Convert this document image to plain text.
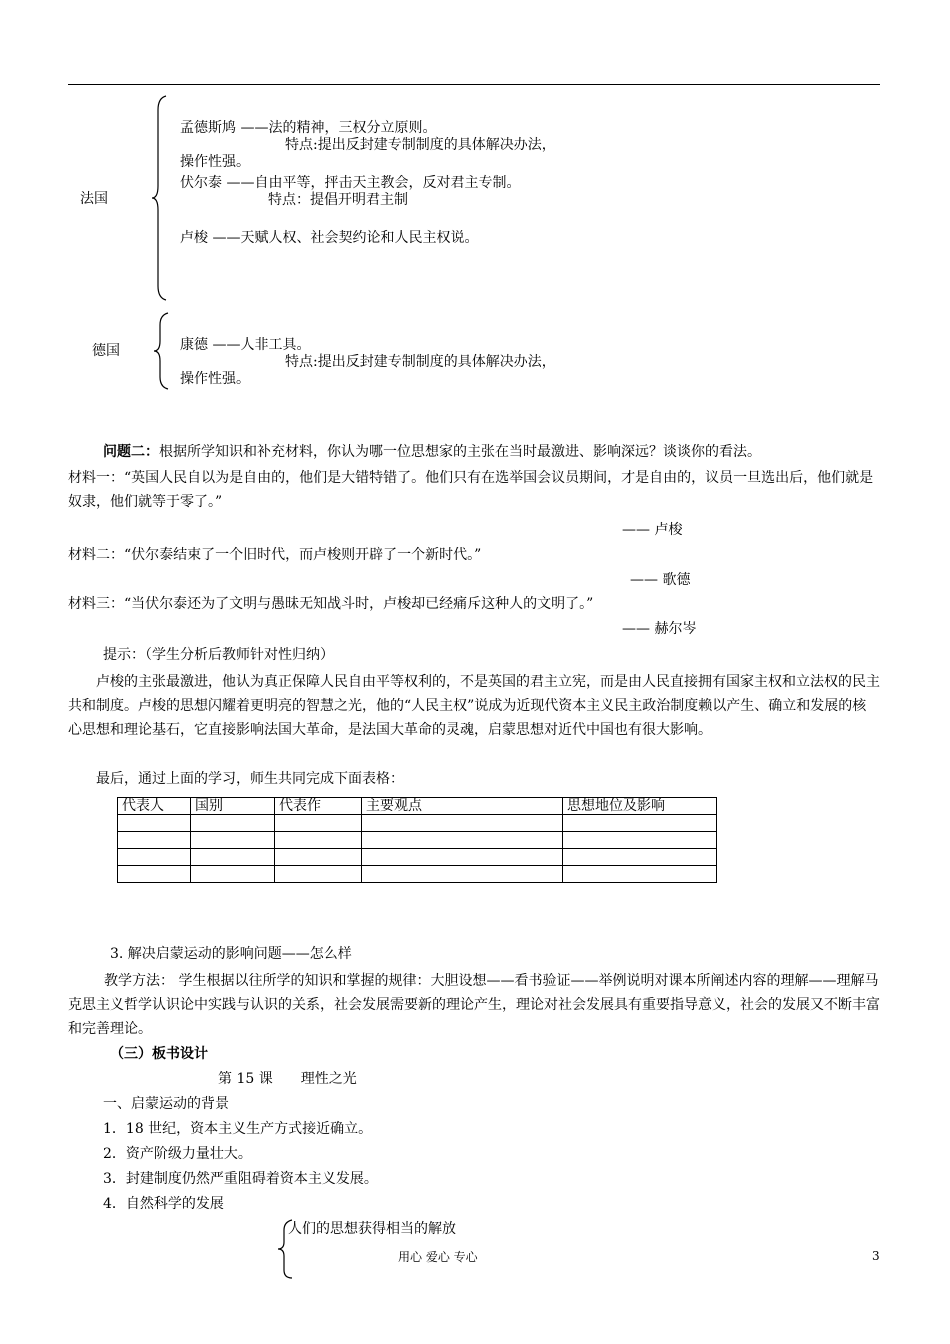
法国
孟德斯鸠 ——法的精神，三权分立原则。
特点:提出反封建专制制度的具体解决办法，
操作性强。
伏尔泰 ——自由平等，抨击天主教会，反对君主专制。
特点：提倡开明君主制
卢梭 ——天赋人权、社会契约论和人民主权说。
德国	康德 ——人非工具。
特点:提出反封建专制制度的具体解决办法，
操作性强。
问题二：根据所学知识和补充材料，你认为哪一位思想家的主张在当时最激进、影响深远？谈谈你的看法。
材料一：“英国人民自以为是自由的，他们是大错特错了。他们只有在选举国会议员期间，才是自由的，议员一旦选出后，他们就是奴隶，他们就等于零了。”
—— 卢梭
材料二：“伏尔泰结束了一个旧时代，而卢梭则开辟了一个新时代。”
—— 歌德
材料三：“当伏尔泰还为了文明与愚昧无知战斗时，卢梭却已经痛斥这种人的文明了。”
—— 赫尔岑
提示：（学生分析后教师针对性归纳）
卢梭的主张最激进，他认为真正保障人民自由平等权利的，不是英国的君主立宪，而是由人民直接拥有国家主权和立法权的民主共和制度。卢梭的思想闪耀着更明亮的智慧之光，他的“人民主权”说成为近现代资本主义民主政治制度赖以产生、确立和发展的核心思想和理论基石，它直接影响法国大革命，是法国大革命的灵魂，启蒙思想对近代中国也有很大影响。
最后，通过上面的学习，师生共同完成下面表格：
代表人	国别	代表作	主要观点	思想地位及影响

3. 解决启蒙运动的影响问题——怎么样
教学方法： 学生根据以往所学的知识和掌握的规律：大胆设想——看书验证——举例说明对课本所阐述内容的理解——理解马克思主义哲学认识论中实践与认识的关系，社会发展需要新的理论产生，理论对社会发展具有重要指导意义，社会的发展又不断丰富和完善理论。
（三）板书设计
第 15 课　　理性之光
一、启蒙运动的背景
1．18 世纪，资本主义生产方式接近确立。
2．资产阶级力量壮大。
3．封建制度仍然严重阻碍着资本主义发展。
4．自然科学的发展
人们的思想获得相当的解放
用心 爱心 专心	3
